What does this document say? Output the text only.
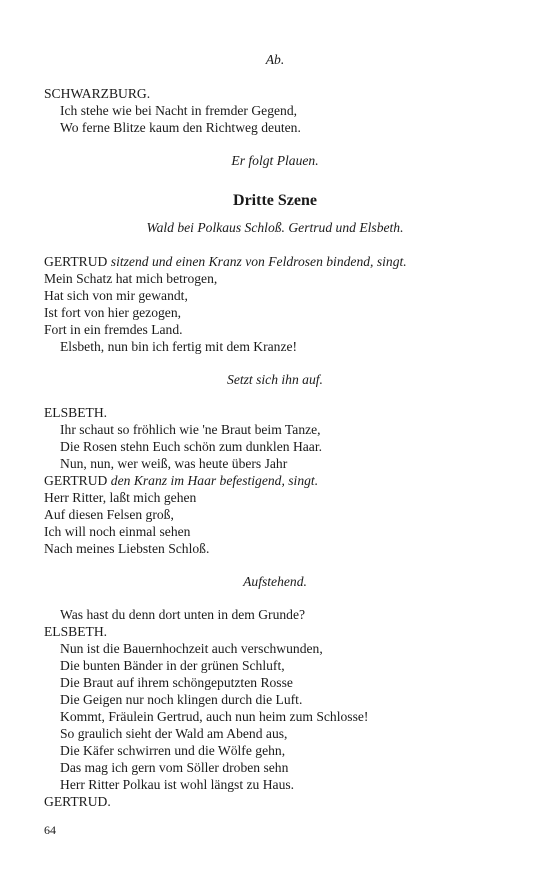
Ab.
SCHWARZBURG.
Ich stehe wie bei Nacht in fremder Gegend,
Wo ferne Blitze kaum den Richtweg deuten.
Er folgt Plauen.
Dritte Szene
Wald bei Polkaus Schloß. Gertrud und Elsbeth.
GERTRUD sitzend und einen Kranz von Feldrosen bindend, singt.
Mein Schatz hat mich betrogen,
Hat sich von mir gewandt,
Ist fort von hier gezogen,
Fort in ein fremdes Land.
Elsbeth, nun bin ich fertig mit dem Kranze!
Setzt sich ihn auf.
ELSBETH.
Ihr schaut so fröhlich wie 'ne Braut beim Tanze,
Die Rosen stehn Euch schön zum dunklen Haar.
Nun, nun, wer weiß, was heute übers Jahr
GERTRUD den Kranz im Haar befestigend, singt.
Herr Ritter, laßt mich gehen
Auf diesen Felsen groß,
Ich will noch einmal sehen
Nach meines Liebsten Schloß.
Aufstehend.
Was hast du denn dort unten in dem Grunde?
ELSBETH.
Nun ist die Bauernhochzeit auch verschwunden,
Die bunten Bänder in der grünen Schluft,
Die Braut auf ihrem schöngeputzten Rosse
Die Geigen nur noch klingen durch die Luft.
Kommt, Fräulein Gertrud, auch nun heim zum Schlosse!
So graulich sieht der Wald am Abend aus,
Die Käfer schwirren und die Wölfe gehn,
Das mag ich gern vom Söller droben sehn
Herr Ritter Polkau ist wohl längst zu Haus.
GERTRUD.
64
